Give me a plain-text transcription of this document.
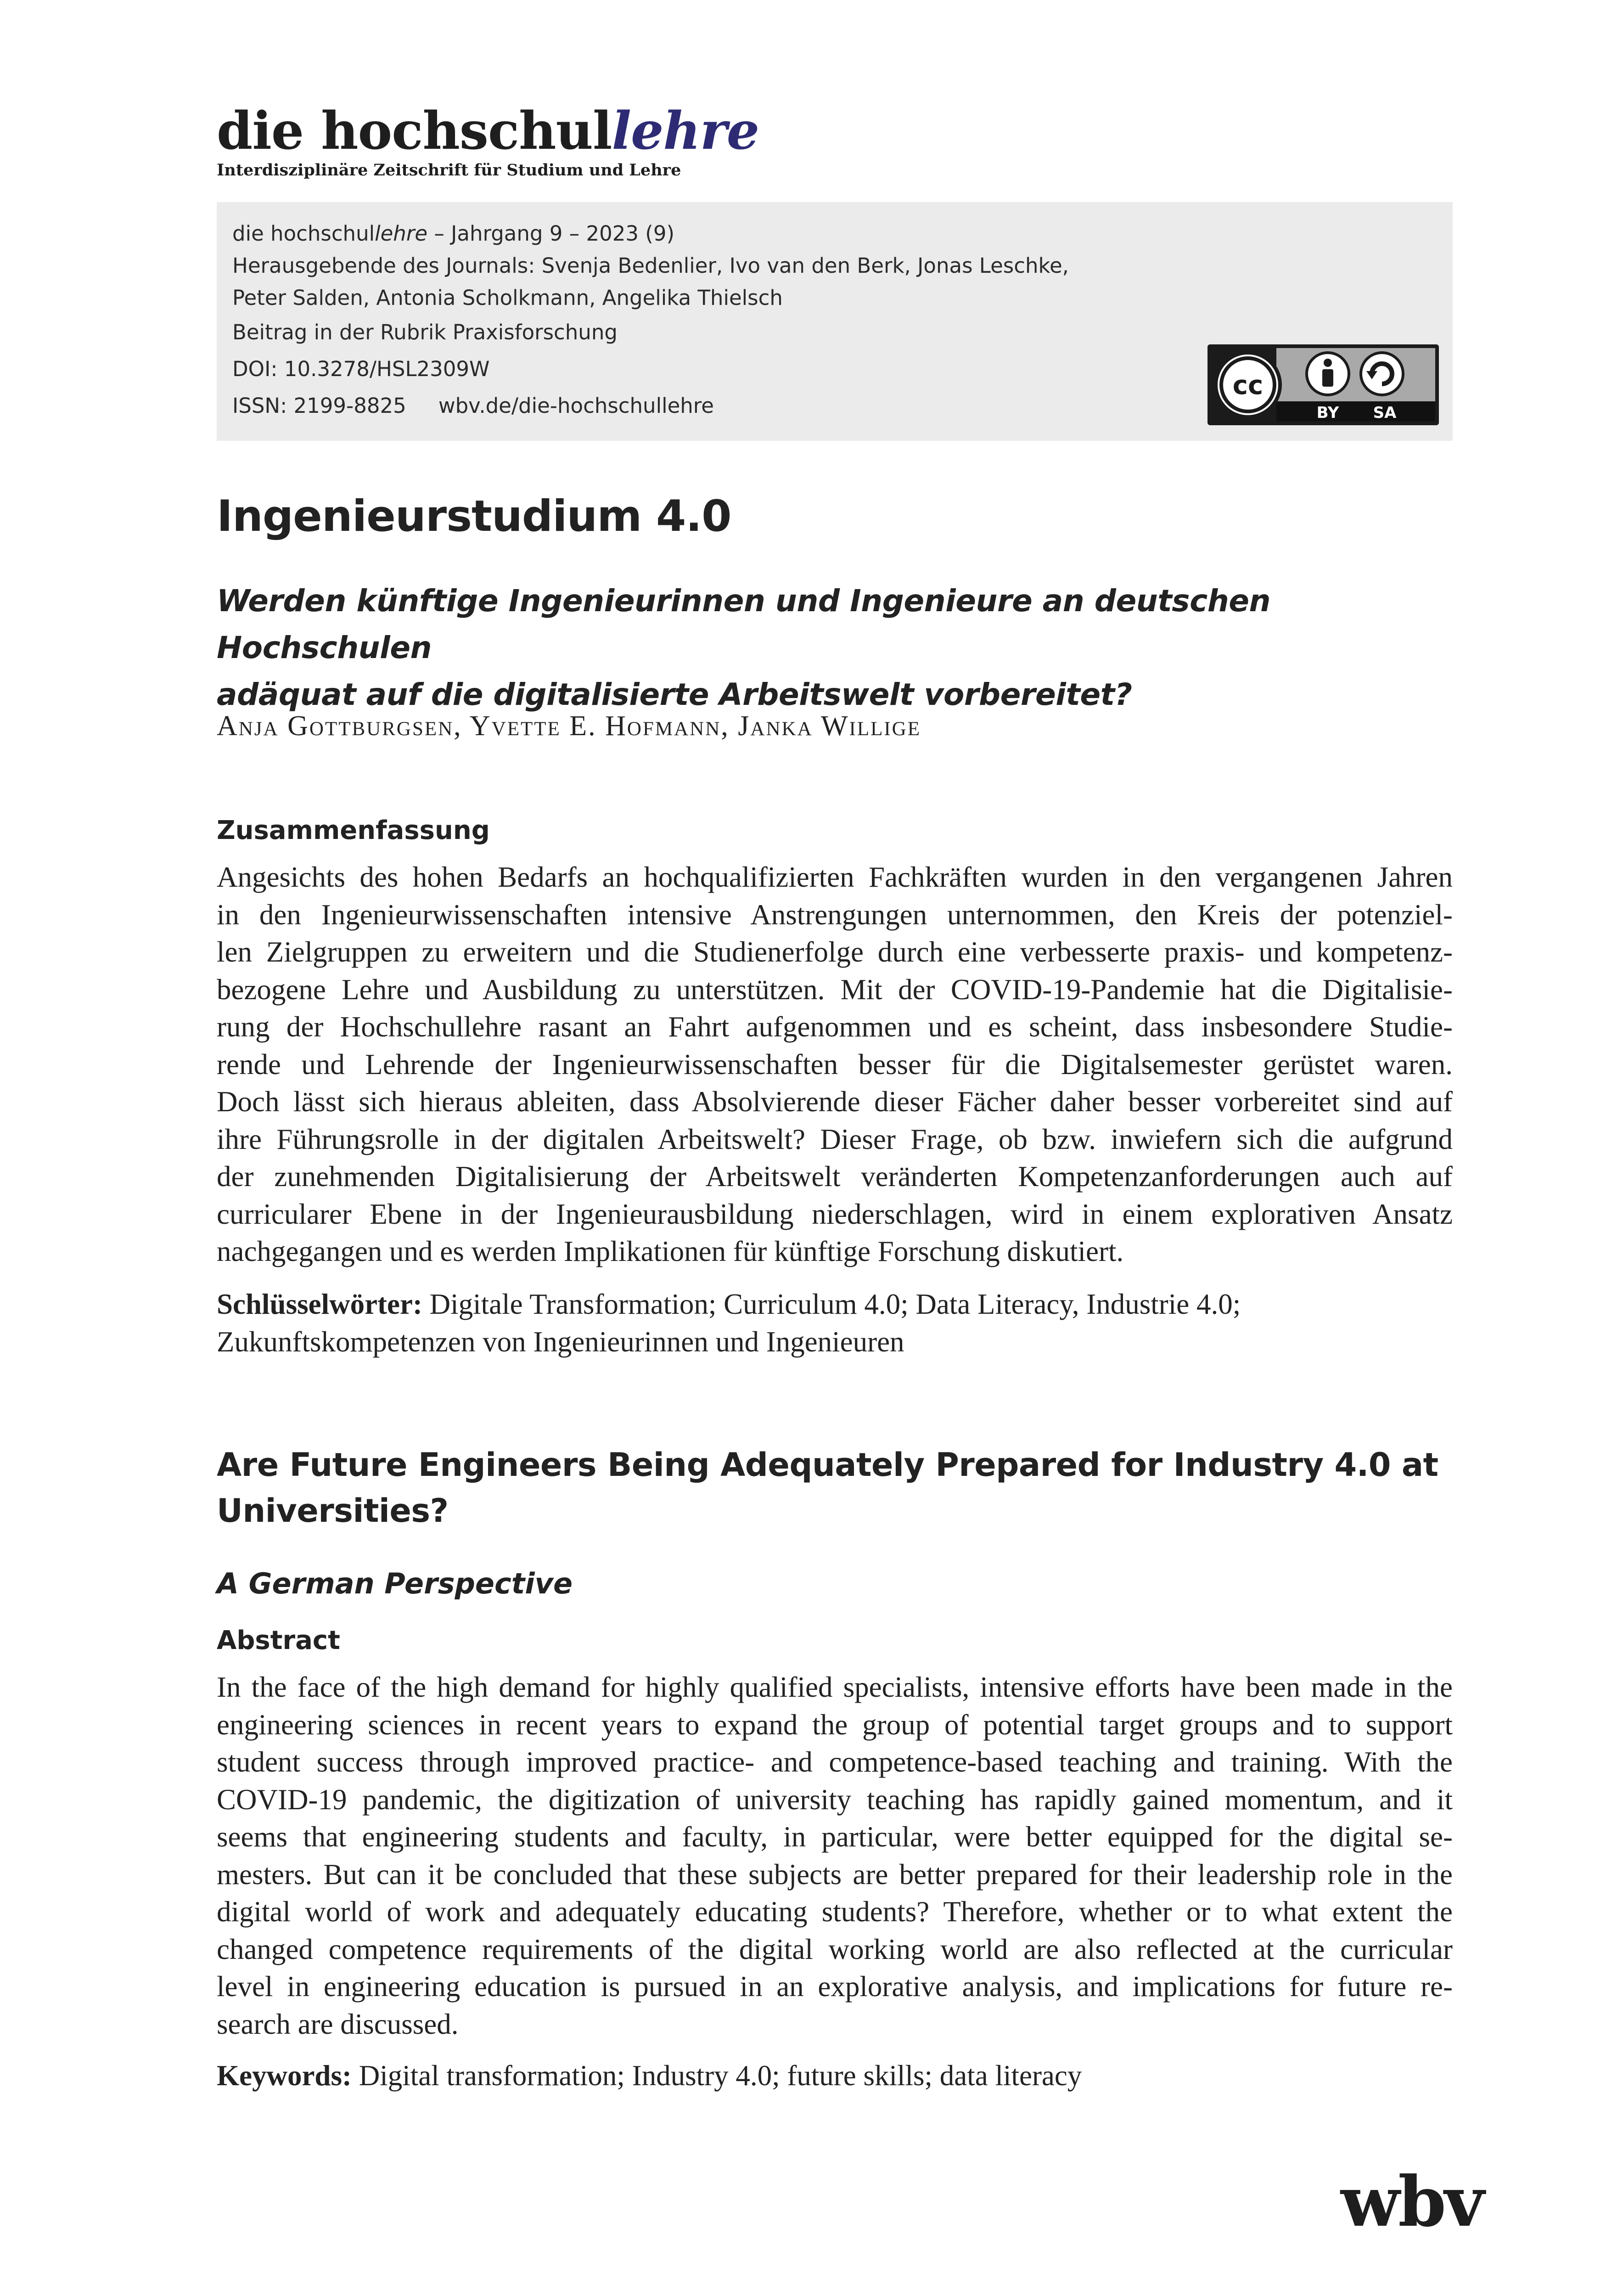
die hochschullehre
Interdisziplinäre Zeitschrift für Studium und Lehre
die hochschullehre – Jahrgang 9 – 2023 (9)
Herausgebende des Journals: Svenja Bedenlier, Ivo van den Berk, Jonas Leschke,
Peter Salden, Antonia Scholkmann, Angelika Thielsch
Beitrag in der Rubrik Praxisforschung
DOI: 10.3278/HSL2309W
ISSN: 2199-8825 wbv.de/die-hochschullehre
cc
BY SA
Ingenieurstudium 4.0
Werden künftige Ingenieurinnen und Ingenieure an deutschen Hochschulen
adäquat auf die digitalisierte Arbeitswelt vorbereitet?
Anja Gottburgsen, Yvette E. Hofmann, Janka Willige
Zusammenfassung
Angesichts des hohen Bedarfs an hochqualifizierten Fachkräften wurden in den vergangenen Jahren
in den Ingenieurwissenschaften intensive Anstrengungen unternommen, den Kreis der potenziel-
len Zielgruppen zu erweitern und die Studienerfolge durch eine verbesserte praxis- und kompetenz-
bezogene Lehre und Ausbildung zu unterstützen. Mit der COVID-19-Pandemie hat die Digitalisie-
rung der Hochschullehre rasant an Fahrt aufgenommen und es scheint, dass insbesondere Studie-
rende und Lehrende der Ingenieurwissenschaften besser für die Digitalsemester gerüstet waren.
Doch lässt sich hieraus ableiten, dass Absolvierende dieser Fächer daher besser vorbereitet sind auf
ihre Führungsrolle in der digitalen Arbeitswelt? Dieser Frage, ob bzw. inwiefern sich die aufgrund
der zunehmenden Digitalisierung der Arbeitswelt veränderten Kompetenzanforderungen auch auf
curricularer Ebene in der Ingenieurausbildung niederschlagen, wird in einem explorativen Ansatz
nachgegangen und es werden Implikationen für künftige Forschung diskutiert.
Schlüsselwörter: Digitale Transformation; Curriculum 4.0; Data Literacy, Industrie 4.0;
Zukunftskompetenzen von Ingenieurinnen und Ingenieuren
Are Future Engineers Being Adequately Prepared for Industry 4.0 at
Universities?
A German Perspective
Abstract
In the face of the high demand for highly qualified specialists, intensive efforts have been made in the
engineering sciences in recent years to expand the group of potential target groups and to support
student success through improved practice- and competence-based teaching and training. With the
COVID-19 pandemic, the digitization of university teaching has rapidly gained momentum, and it
seems that engineering students and faculty, in particular, were better equipped for the digital se-
mesters. But can it be concluded that these subjects are better prepared for their leadership role in the
digital world of work and adequately educating students? Therefore, whether or to what extent the
changed competence requirements of the digital working world are also reflected at the curricular
level in engineering education is pursued in an explorative analysis, and implications for future re-
search are discussed.
Keywords: Digital transformation; Industry 4.0; future skills; data literacy
wbv
